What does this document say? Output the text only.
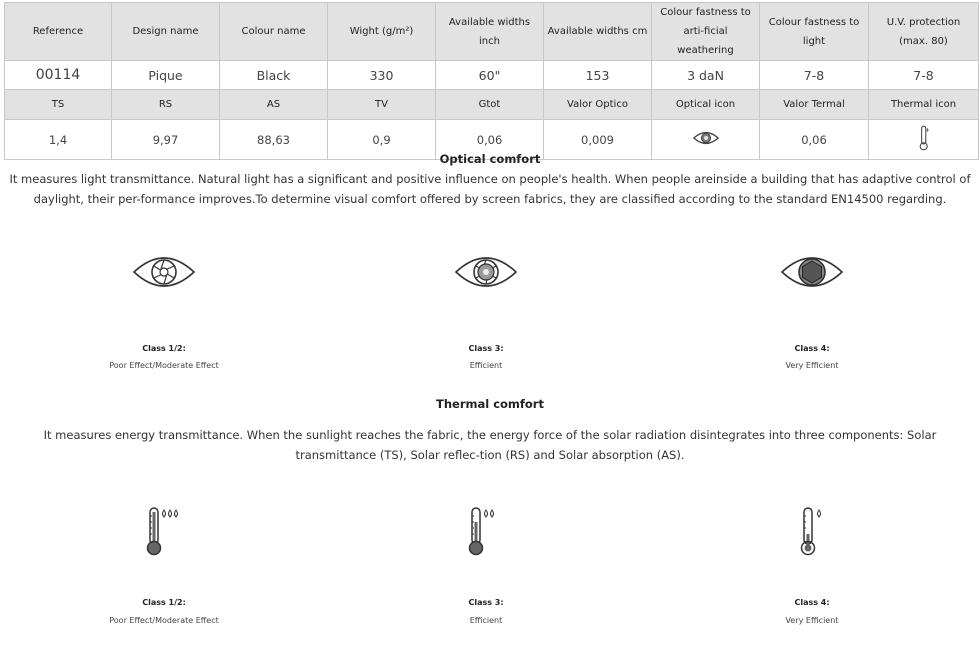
Reference	Design name	Colour name	Wight (g/m²)	Available widths inch	Available widths cm	Colour fastness to arti-ficial weathering	Colour fastness to light	U.V. protection (max. 80)
00114	Pique	Black	330	60"	153	3 daN	7-8	7-8
TS	RS	AS	TV	Gtot	Valor Optico	Optical icon	Valor Termal	Thermal icon
1,4	9,97	88,63	0,9	0,06	0,009		0,06	
Optical comfort
It measures light transmittance. Natural light has a significant and positive influence on people's health. When people areinside a building that has adaptive control of daylight, their per-formance improves.To determine visual comfort offered by screen fabrics, they are classified according to the standard EN14500 regarding.
Class 1/2:
Poor Effect/Moderate Effect
Class 3:
Efficient
Class 4:
Very Efficient
Thermal comfort
It measures energy transmittance. When the sunlight reaches the fabric, the energy force of the solar radiation disintegrates into three components: Solar transmittance (TS), Solar reflec-tion (RS) and Solar absorption (AS).
Class 1/2:
Poor Effect/Moderate Effect
Class 3:
Efficient
Class 4:
Very Efficient
